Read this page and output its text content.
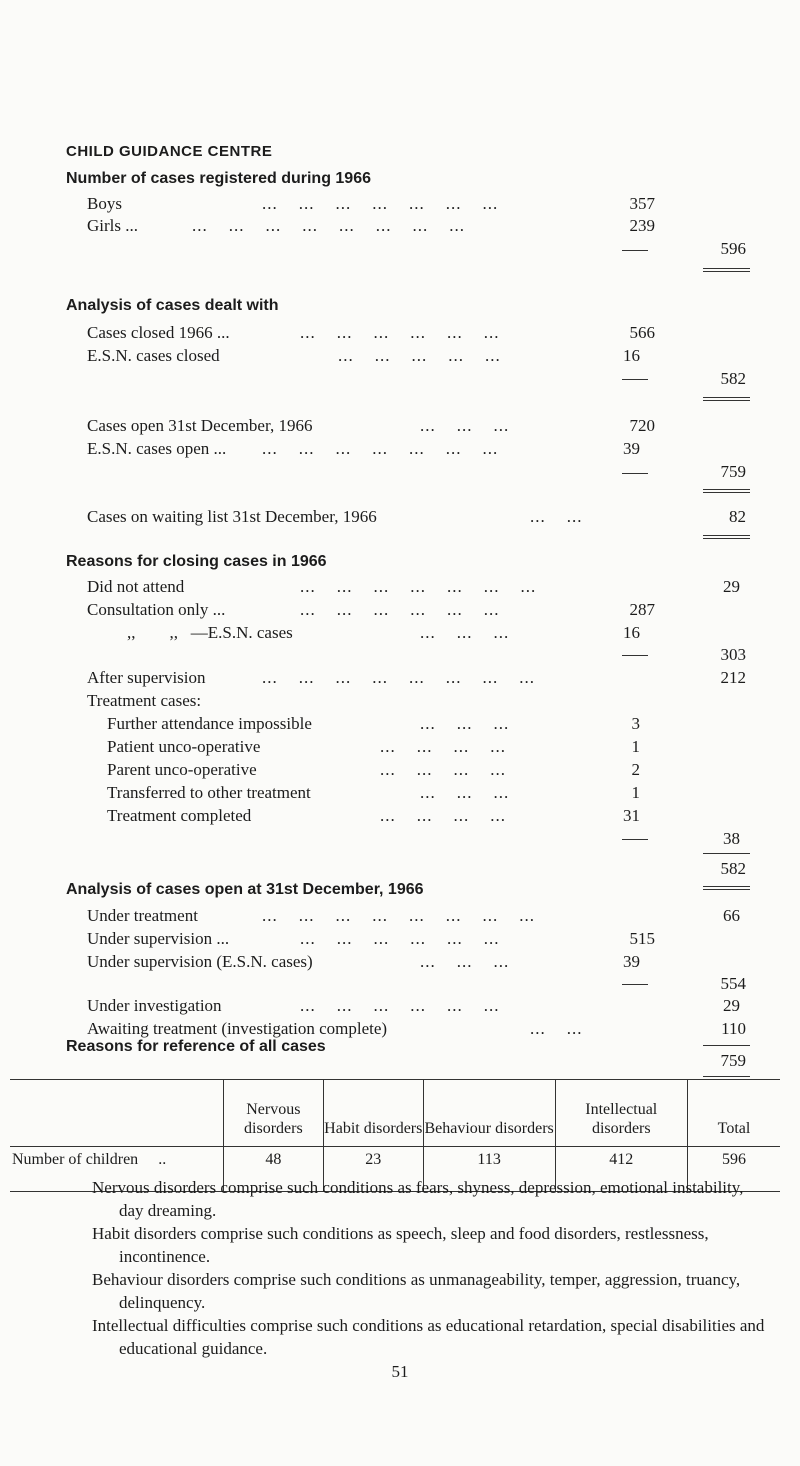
CHILD GUIDANCE CENTRE
Number of cases registered during 1966
Boys	...    ...    ...    ...    ...    ...    ...	357
Girls ...	...    ...    ...    ...    ...    ...    ...    ...	239
596
Analysis of cases dealt with
Cases closed 1966 ...	...    ...    ...    ...    ...    ...	566
E.S.N. cases closed	...    ...    ...    ...    ...	16
582
Cases open 31st December, 1966	...    ...    ...	720
E.S.N. cases open ... ...    ...    ...    ...    ...    ...    ...	39
759
Cases on waiting list 31st December, 1966	...    ...	82
Reasons for closing cases in 1966
Did not attend	...    ...    ...    ...    ...    ...    ...	29
Consultation only ...	...    ...    ...    ...    ...    ...	287
,,        ,,   —E.S.N. cases	...    ...    ...	16
303
After supervision	...    ...    ...    ...    ...    ...    ...    ...	212
Treatment cases:
Further attendance impossible	...    ...    ...	3
Patient unco-operative	...    ...    ...    ...	1
Parent unco-operative	...    ...    ...    ...	2
Transferred to other treatment	...    ...    ...	1
Treatment completed	...    ...    ...    ...	31
38
582
Analysis of cases open at 31st December, 1966
Under treatment	...    ...    ...    ...    ...    ...    ...    ...	66
Under supervision ...	...    ...    ...    ...    ...    ...	515
Under supervision (E.S.N. cases)	...    ...    ...	39
554
Under investigation	...    ...    ...    ...    ...    ...	29
Awaiting treatment (investigation complete)	...    ...	110
759
Reasons for reference of all cases
	Nervous disorders	Habit disorders	Behaviour disorders	Intellectual disorders	Total
Number of children ..	48	23	113	412	596

Nervous disorders comprise such conditions as fears, shyness, depression, emotional instability, day dreaming.

Habit disorders comprise such conditions as speech, sleep and food disorders, restlessness, incontinence.

Behaviour disorders comprise such conditions as unmanageability, temper, aggression, truancy, delinquency.

Intellectual difficulties comprise such conditions as educational retardation, special disabilities and educational guidance.

51
